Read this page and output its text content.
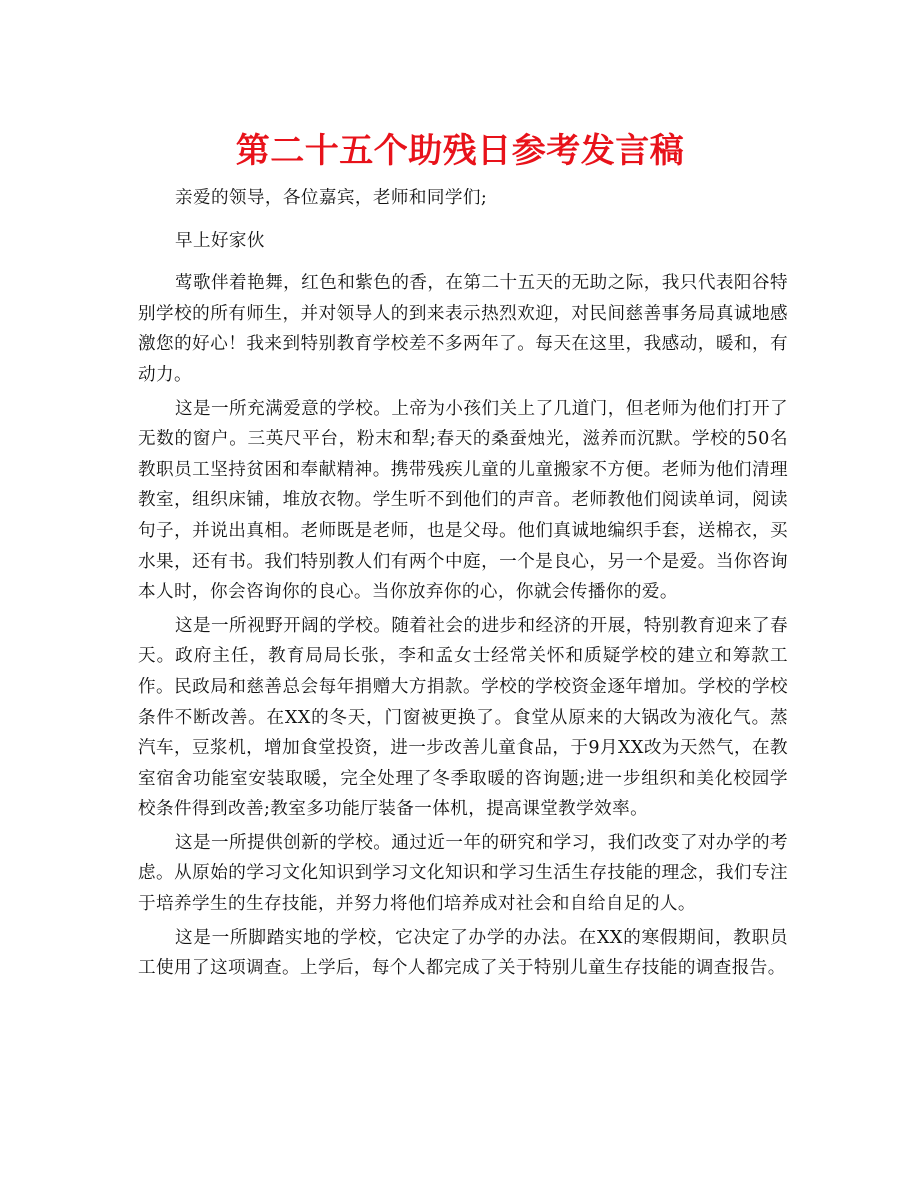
第二十五个助残日参考发言稿

亲爱的领导，各位嘉宾，老师和同学们;

早上好家伙

莺歌伴着艳舞，红色和紫色的香，在第二十五天的无助之际，我只代表阳谷特别学校的所有师生，并对领导人的到来表示热烈欢迎，对民间慈善事务局真诚地感激您的好心！我来到特别教育学校差不多两年了。每天在这里，我感动，暖和，有动力。

这是一所充满爱意的学校。上帝为小孩们关上了几道门，但老师为他们打开了无数的窗户。三英尺平台，粉末和犁;春天的桑蚕烛光，滋养而沉默。学校的50名教职员工坚持贫困和奉献精神。携带残疾儿童的儿童搬家不方便。老师为他们清理教室，组织床铺，堆放衣物。学生听不到他们的声音。老师教他们阅读单词，阅读句子，并说出真相。老师既是老师，也是父母。他们真诚地编织手套，送棉衣，买水果，还有书。我们特别教人们有两个中庭，一个是良心，另一个是爱。当你咨询本人时，你会咨询你的良心。当你放弃你的心，你就会传播你的爱。

这是一所视野开阔的学校。随着社会的进步和经济的开展，特别教育迎来了春天。政府主任，教育局局长张，李和孟女士经常关怀和质疑学校的建立和筹款工作。民政局和慈善总会每年捐赠大方捐款。学校的学校资金逐年增加。学校的学校条件不断改善。在XX的冬天，门窗被更换了。食堂从原来的大锅改为液化气。蒸汽车，豆浆机，增加食堂投资，进一步改善儿童食品，于9月XX改为天然气，在教室宿舍功能室安装取暖，完全处理了冬季取暖的咨询题;进一步组织和美化校园学校条件得到改善;教室多功能厅装备一体机，提高课堂教学效率。

这是一所提供创新的学校。通过近一年的研究和学习，我们改变了对办学的考虑。从原始的学习文化知识到学习文化知识和学习生活生存技能的理念，我们专注于培养学生的生存技能，并努力将他们培养成对社会和自给自足的人。

这是一所脚踏实地的学校，它决定了办学的办法。在XX的寒假期间，教职员工使用了这项调查。上学后，每个人都完成了关于特别儿童生存技能的调查报告。
